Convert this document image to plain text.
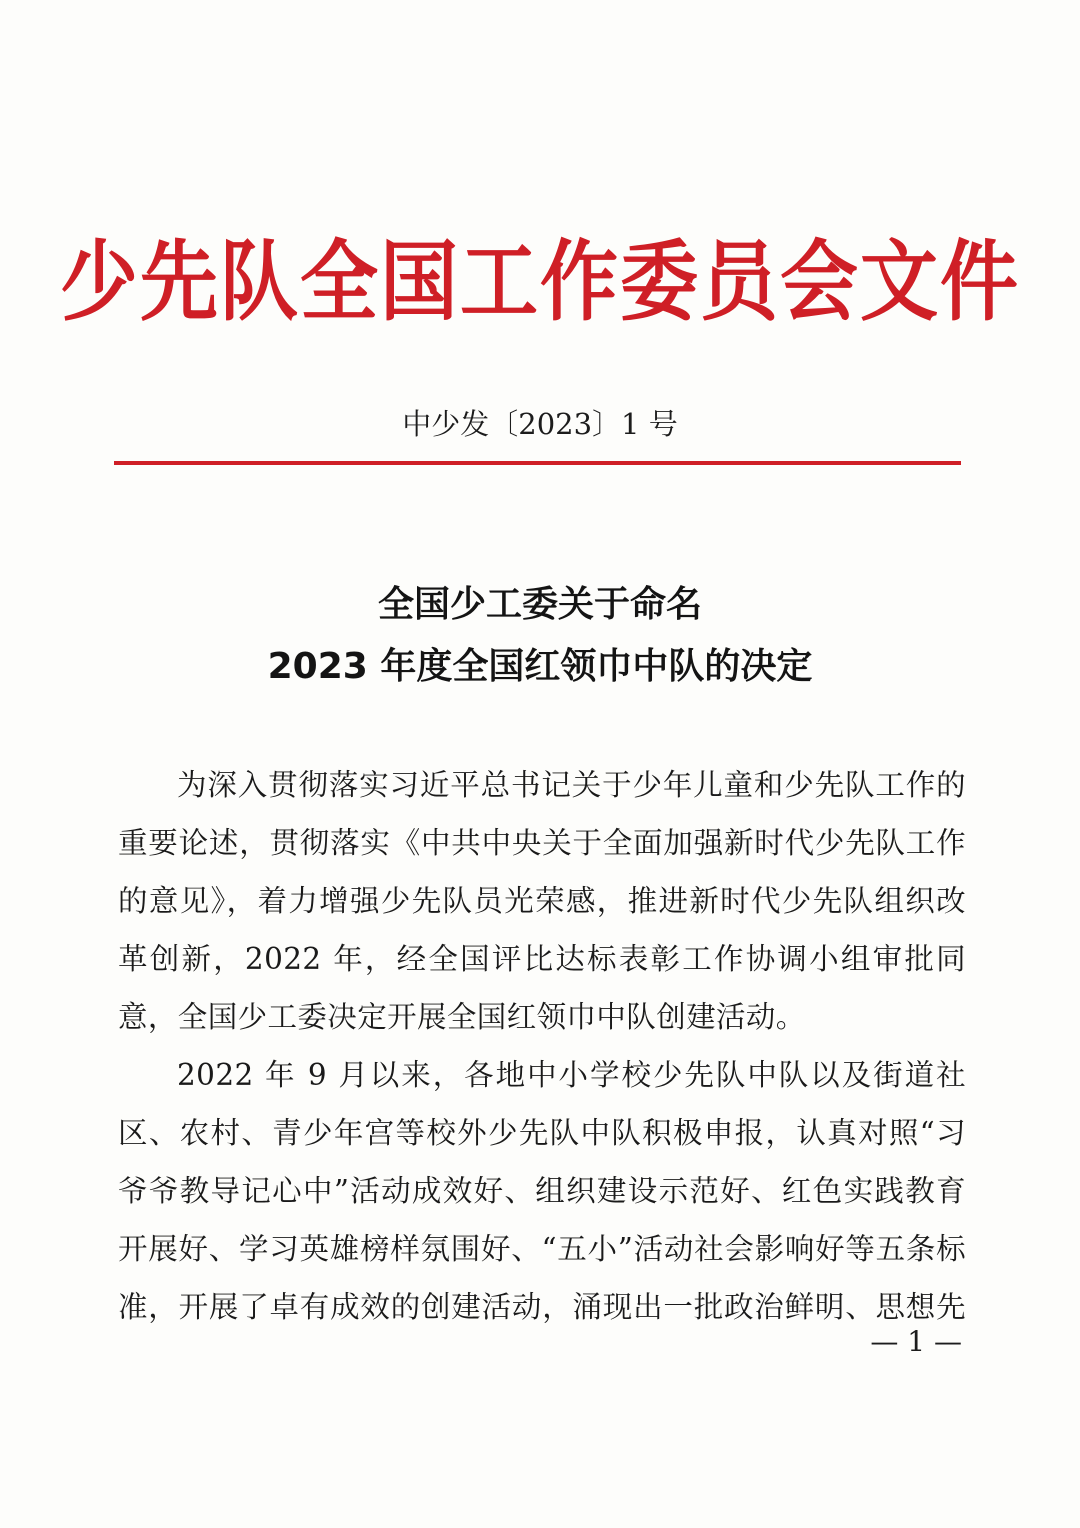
少先队全国工作委员会文件
中少发〔2023〕1 号
全国少工委关于命名
2023 年度全国红领巾中队的决定

为深入贯彻落实习近平总书记关于少年儿童和少先队工作的重要论述，贯彻落实《中共中央关于全面加强新时代少先队工作的意见》，着力增强少先队员光荣感，推进新时代少先队组织改革创新，2022 年，经全国评比达标表彰工作协调小组审批同意，全国少工委决定开展全国红领巾中队创建活动。

2022 年 9 月以来，各地中小学校少先队中队以及街道社区、农村、青少年宫等校外少先队中队积极申报，认真对照“习爷爷教导记心中”活动成效好、组织建设示范好、红色实践教育开展好、学习英雄榜样氛围好、“五小”活动社会影响好等五条标准，开展了卓有成效的创建活动，涌现出一批政治鲜明、思想先

— 1 —
